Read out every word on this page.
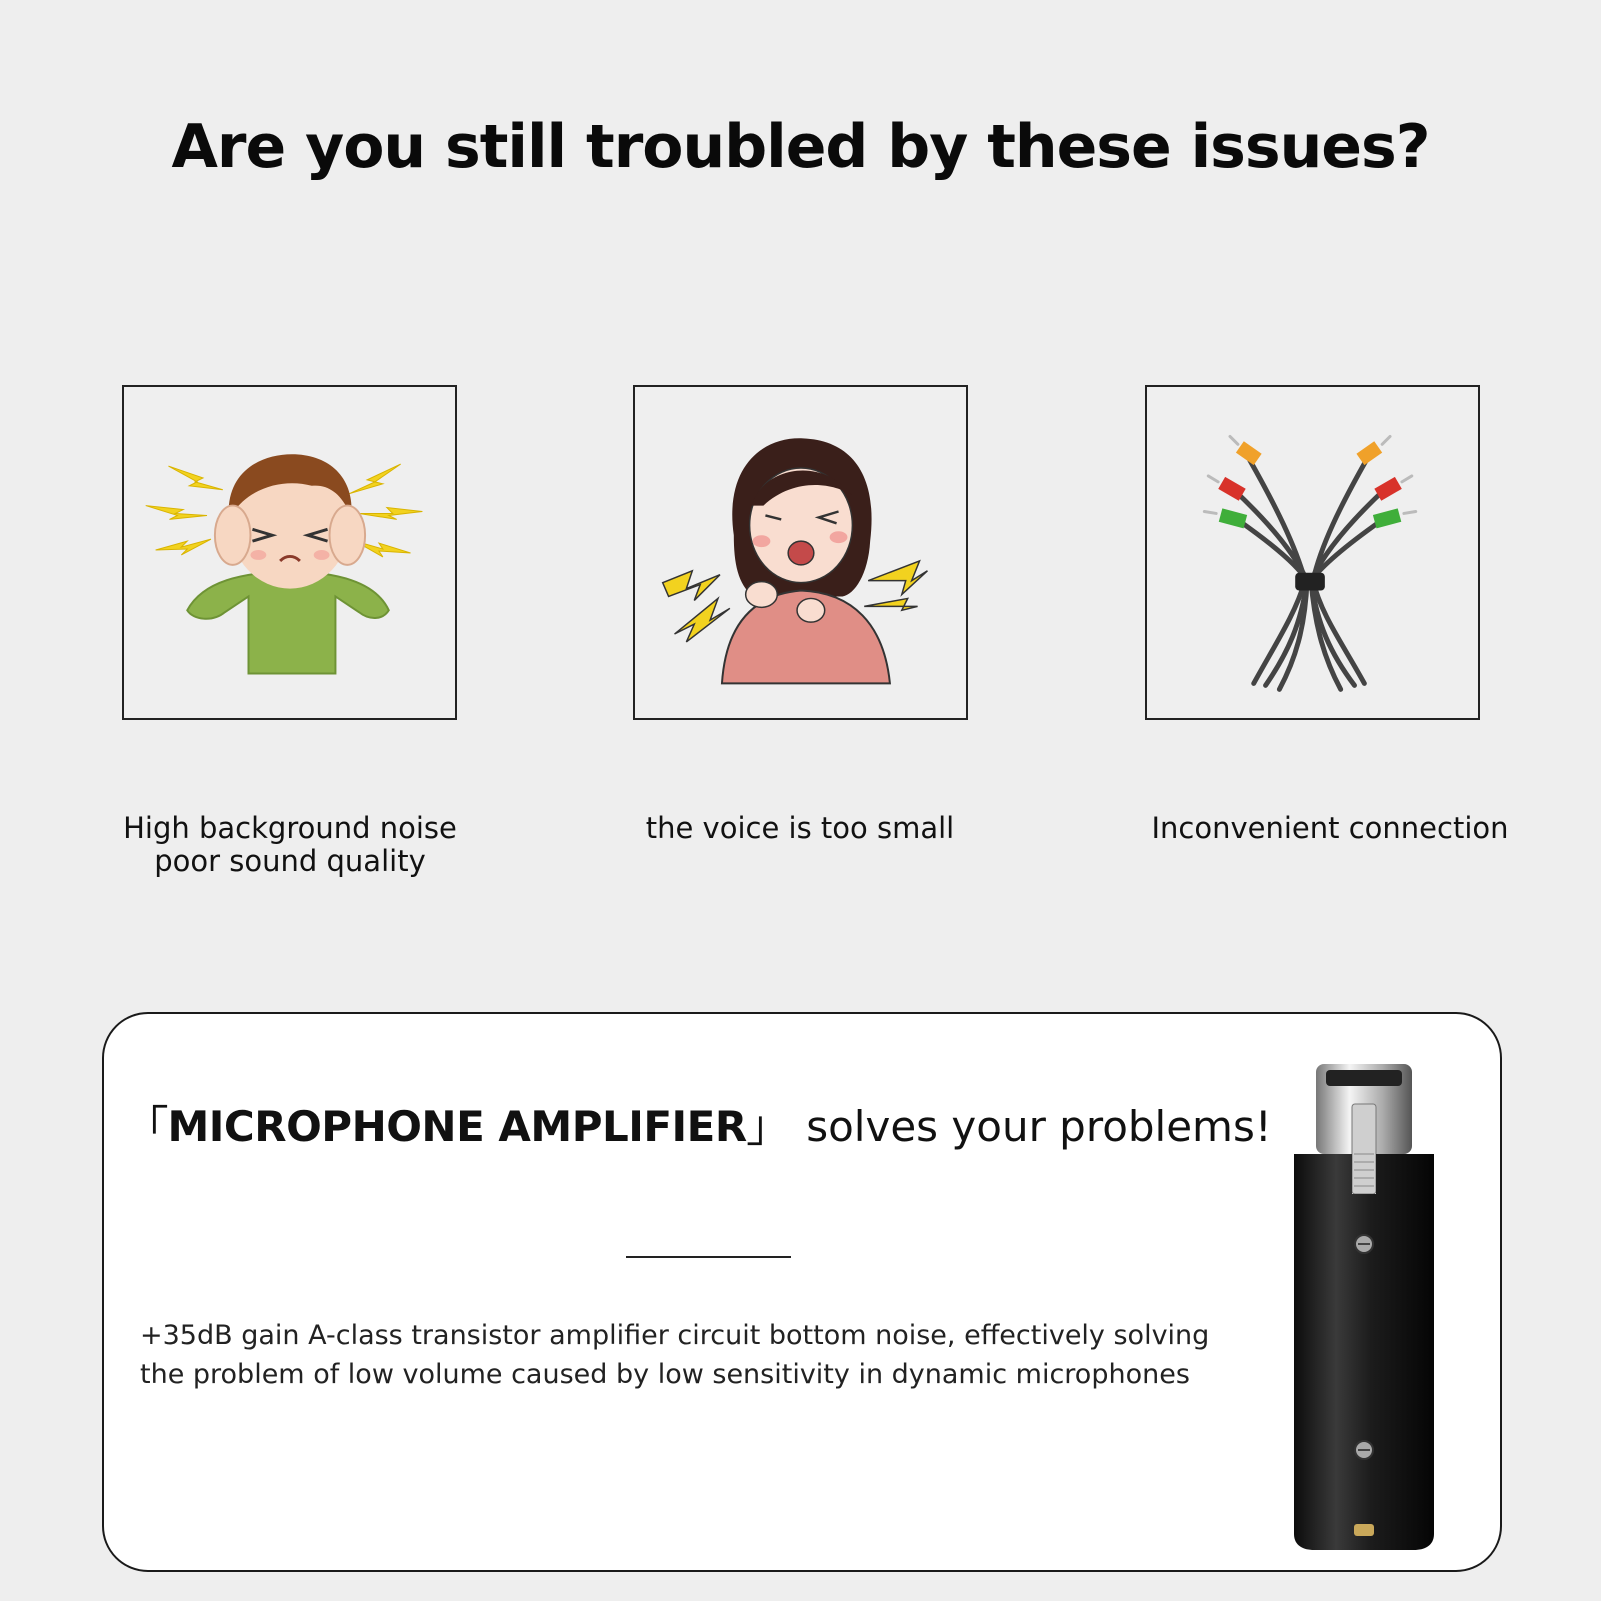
Are you still troubled by these issues?
High background noise
poor sound quality
the voice is too small	Inconvenient connection
「MICROPHONE AMPLIFIER」 solves your problems!
+35dB gain A-class transistor amplifier circuit bottom noise, effectively solving
the problem of low volume caused by low sensitivity in dynamic microphones
